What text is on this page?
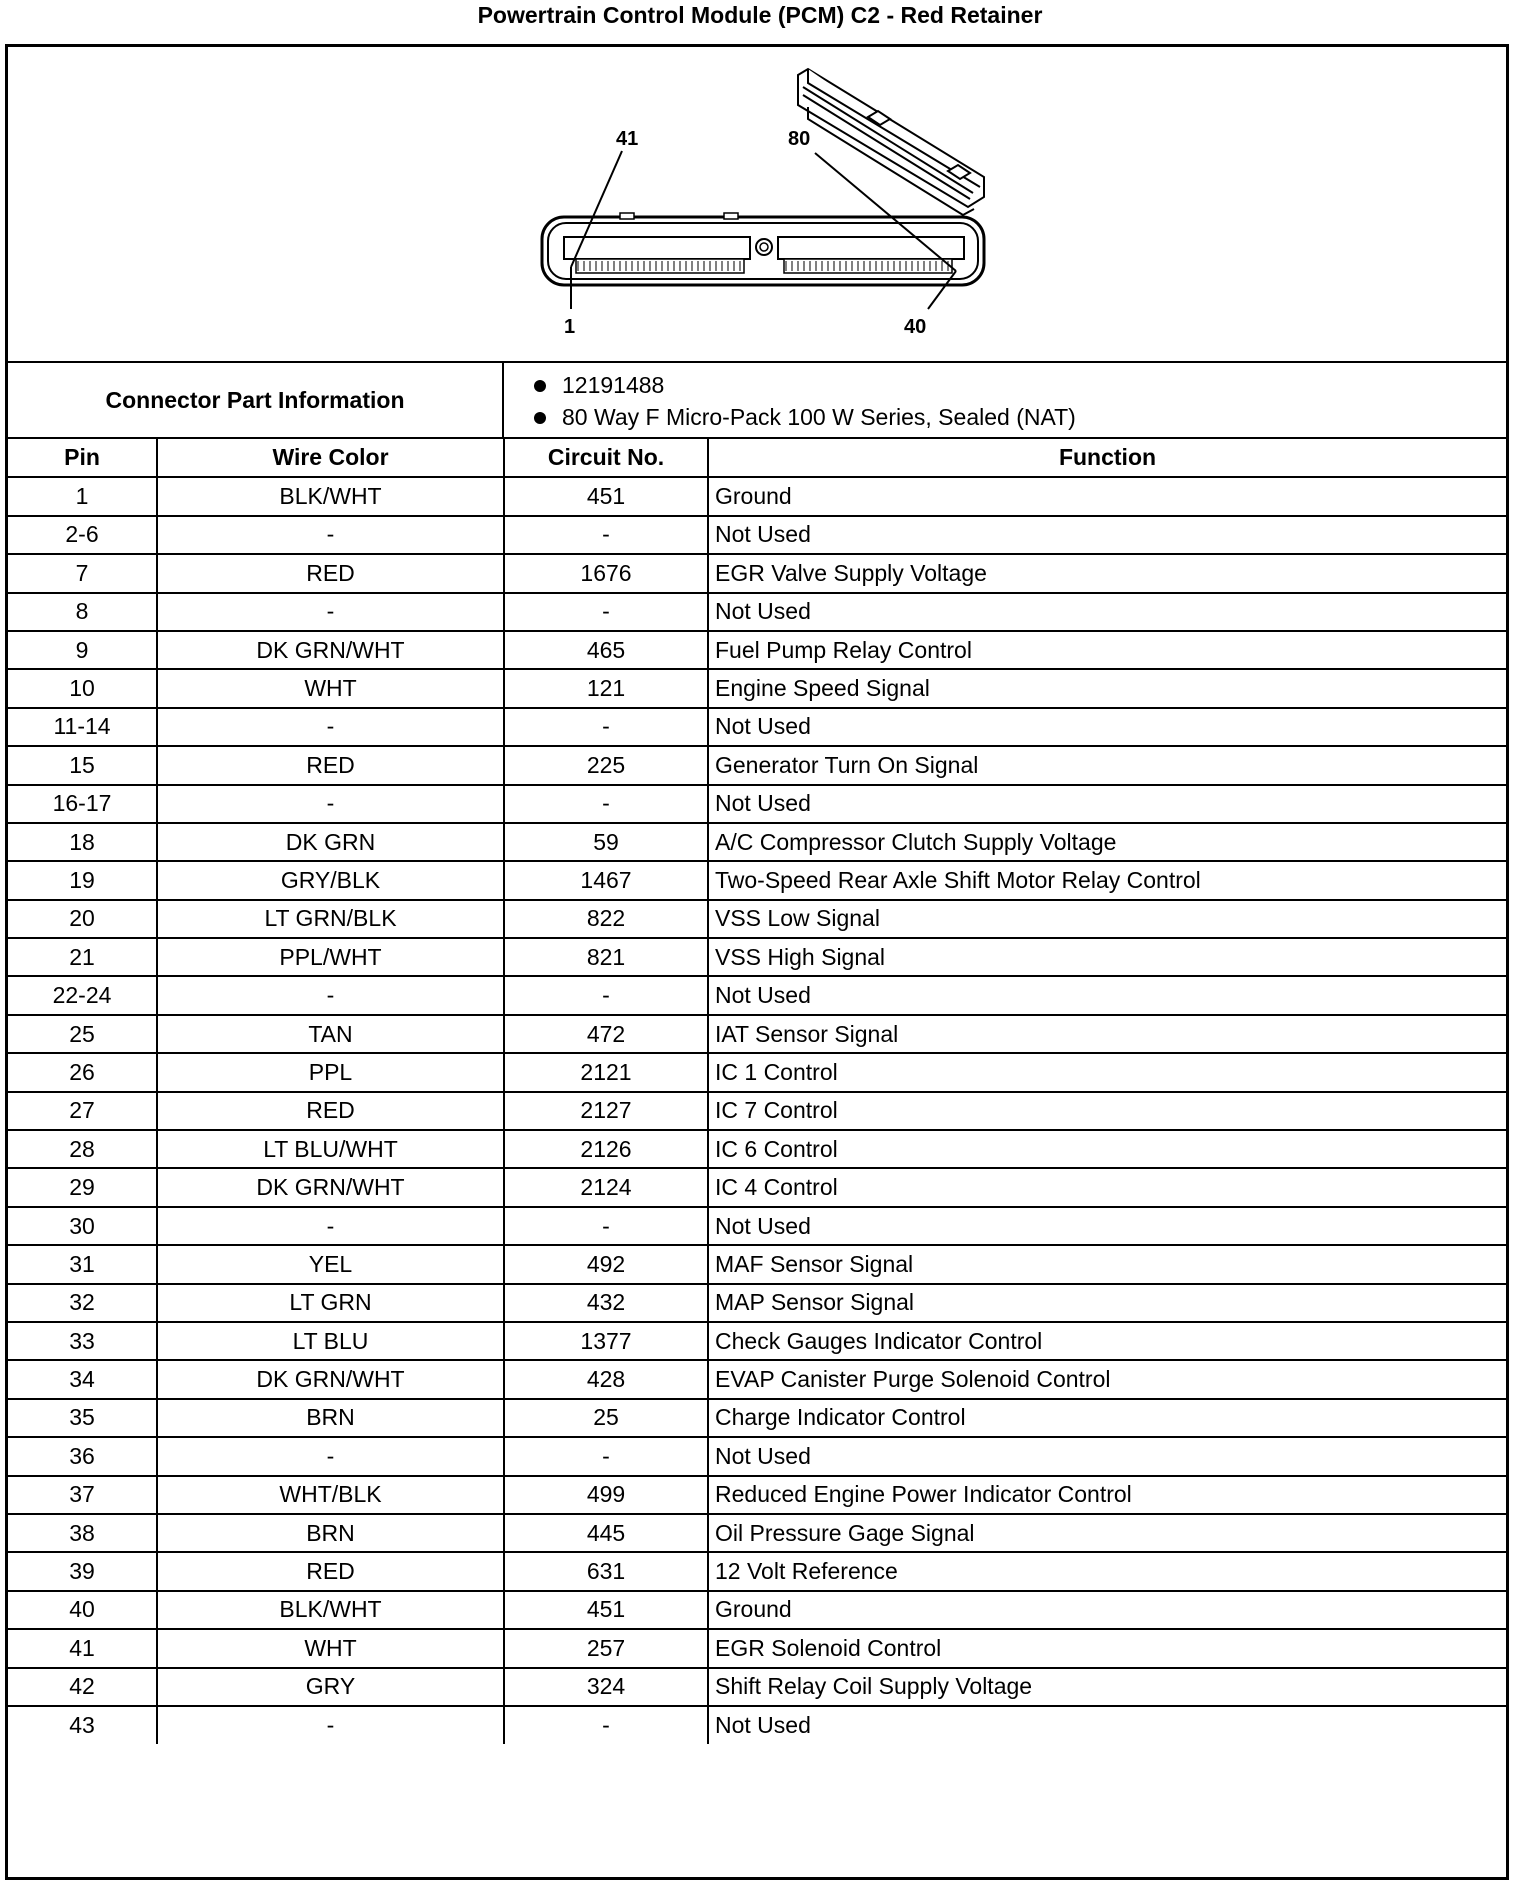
Powertrain Control Module (PCM) C2 - Red Retainer
41	80
1	40
Connector Part Information
12191488
80 Way F Micro-Pack 100 W Series, Sealed (NAT)
Pin	Wire Color	Circuit No.	Function
1	BLK/WHT	451	Ground
2-6	-	-	Not Used
7	RED	1676	EGR Valve Supply Voltage
8	-	-	Not Used
9	DK GRN/WHT	465	Fuel Pump Relay Control
10	WHT	121	Engine Speed Signal
11-14	-	-	Not Used
15	RED	225	Generator Turn On Signal
16-17	-	-	Not Used
18	DK GRN	59	A/C Compressor Clutch Supply Voltage
19	GRY/BLK	1467	Two-Speed Rear Axle Shift Motor Relay Control
20	LT GRN/BLK	822	VSS Low Signal
21	PPL/WHT	821	VSS High Signal
22-24	-	-	Not Used
25	TAN	472	IAT Sensor Signal
26	PPL	2121	IC 1 Control
27	RED	2127	IC 7 Control
28	LT BLU/WHT	2126	IC 6 Control
29	DK GRN/WHT	2124	IC 4 Control
30	-	-	Not Used
31	YEL	492	MAF Sensor Signal
32	LT GRN	432	MAP Sensor Signal
33	LT BLU	1377	Check Gauges Indicator Control
34	DK GRN/WHT	428	EVAP Canister Purge Solenoid Control
35	BRN	25	Charge Indicator Control
36	-	-	Not Used
37	WHT/BLK	499	Reduced Engine Power Indicator Control
38	BRN	445	Oil Pressure Gage Signal
39	RED	631	12 Volt Reference
40	BLK/WHT	451	Ground
41	WHT	257	EGR Solenoid Control
42	GRY	324	Shift Relay Coil Supply Voltage
43	-	-	Not Used
